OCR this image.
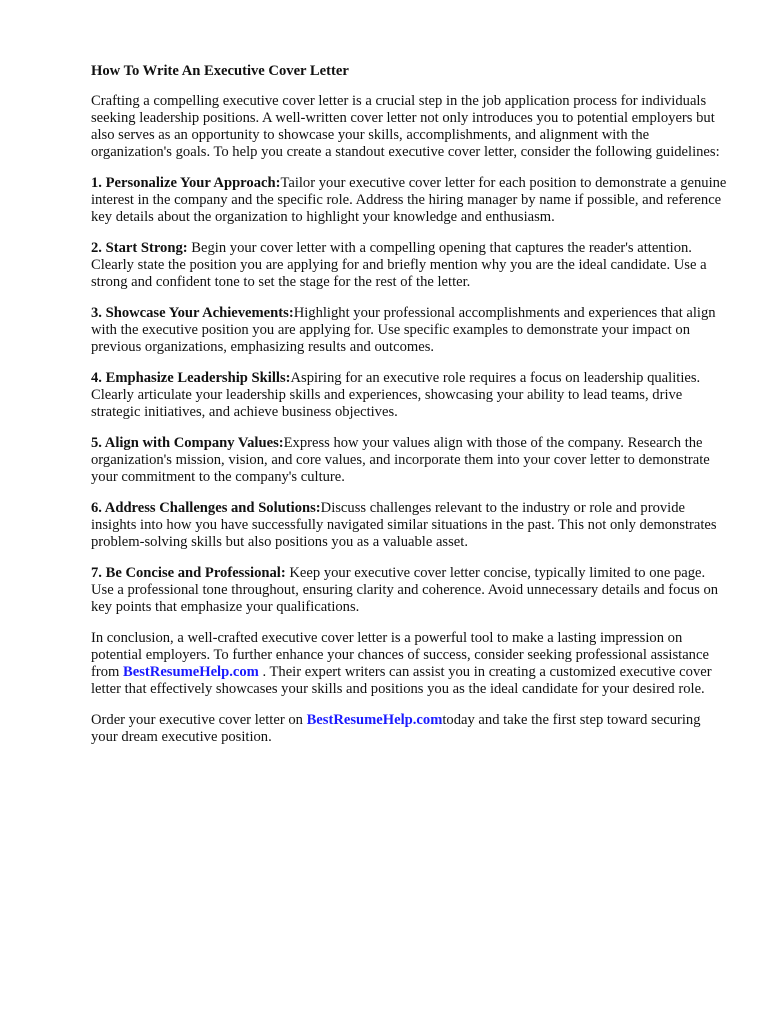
How To Write An Executive Cover Letter

Crafting a compelling executive cover letter is a crucial step in the job application process for individuals seeking leadership positions. A well-written cover letter not only introduces you to potential employers but also serves as an opportunity to showcase your skills, accomplishments, and alignment with the organization's goals. To help you create a standout executive cover letter, consider the following guidelines:

1. Personalize Your Approach:Tailor your executive cover letter for each position to demonstrate a genuine interest in the company and the specific role. Address the hiring manager by name if possible, and reference key details about the organization to highlight your knowledge and enthusiasm.

2. Start Strong: Begin your cover letter with a compelling opening that captures the reader's attention. Clearly state the position you are applying for and briefly mention why you are the ideal candidate. Use a strong and confident tone to set the stage for the rest of the letter.

3. Showcase Your Achievements:Highlight your professional accomplishments and experiences that align with the executive position you are applying for. Use specific examples to demonstrate your impact on previous organizations, emphasizing results and outcomes.

4. Emphasize Leadership Skills:Aspiring for an executive role requires a focus on leadership qualities. Clearly articulate your leadership skills and experiences, showcasing your ability to lead teams, drive strategic initiatives, and achieve business objectives.

5. Align with Company Values:Express how your values align with those of the company. Research the organization's mission, vision, and core values, and incorporate them into your cover letter to demonstrate your commitment to the company's culture.

6. Address Challenges and Solutions:Discuss challenges relevant to the industry or role and provide insights into how you have successfully navigated similar situations in the past. This not only demonstrates problem-solving skills but also positions you as a valuable asset.

7. Be Concise and Professional: Keep your executive cover letter concise, typically limited to one page. Use a professional tone throughout, ensuring clarity and coherence. Avoid unnecessary details and focus on key points that emphasize your qualifications.

In conclusion, a well-crafted executive cover letter is a powerful tool to make a lasting impression on potential employers. To further enhance your chances of success, consider seeking professional assistance from BestResumeHelp.com . Their expert writers can assist you in creating a customized executive cover letter that effectively showcases your skills and positions you as the ideal candidate for your desired role.

Order your executive cover letter on BestResumeHelp.comtoday and take the first step toward securing your dream executive position.
